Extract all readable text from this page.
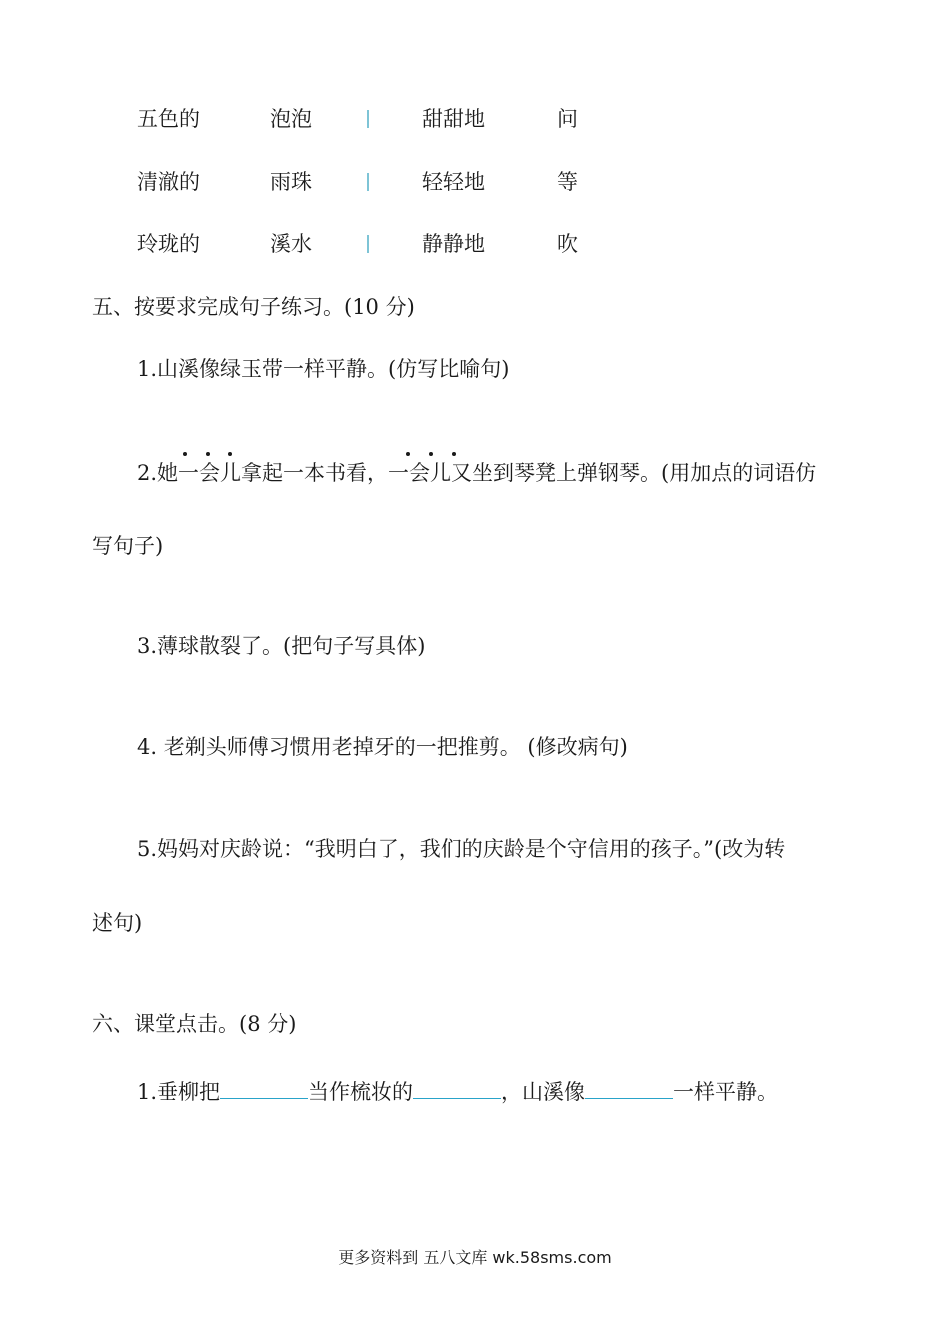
五色的	泡泡	甜甜地	问
清澈的	雨珠	轻轻地	等
玲珑的	溪水	静静地	吹
五、按要求完成句子练习。(10 分)
1.山溪像绿玉带一样平静。(仿写比喻句)
2.她一会儿拿起一本书看，一会儿又坐到琴凳上弹钢琴。(用加点的词语仿
写句子)
3.薄球散裂了。(把句子写具体)
4. 老剃头师傅习惯用老掉牙的一把推剪。 (修改病句)
5.妈妈对庆龄说：“我明白了，我们的庆龄是个守信用的孩子。”(改为转
述句)
六、课堂点击。(8 分)
1.垂柳把	当作梳妆的	，山溪像	一样平静。
更多资料到 五八文库 wk.58sms.com
